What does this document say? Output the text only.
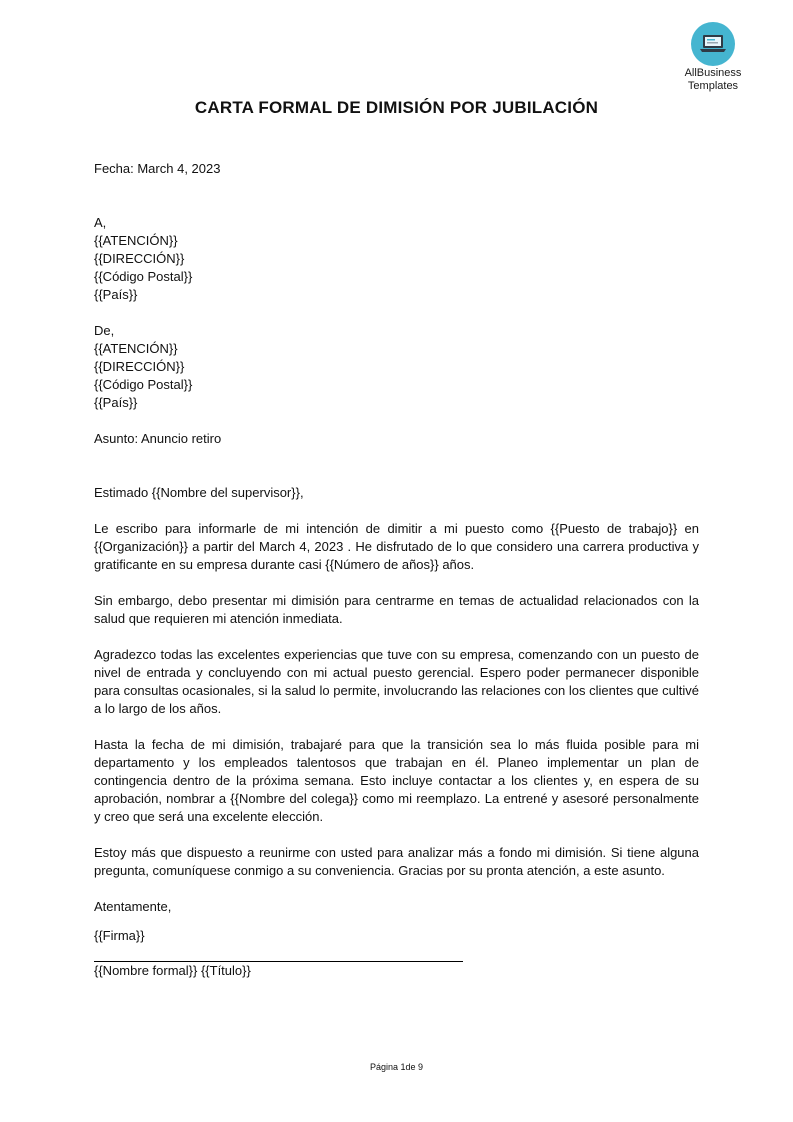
AllBusiness
Templates
CARTA FORMAL DE DIMISIÓN POR JUBILACIÓN
Fecha: March 4, 2023
A,
{{ATENCIÓN}}
{{DIRECCIÓN}}
{{Código Postal}}
{{País}}
De,
{{ATENCIÓN}}
{{DIRECCIÓN}}
{{Código Postal}}
{{País}}
Asunto: Anuncio retiro
Estimado {{Nombre del supervisor}},

Le escribo para informarle de mi intención de dimitir a mi puesto como {{Puesto de trabajo}} en {{Organización}} a partir del March 4, 2023 . He disfrutado de lo que considero una carrera productiva y gratificante en su empresa durante casi {{Número de años}} años.

Sin embargo, debo presentar mi dimisión para centrarme en temas de actualidad relacionados con la salud que requieren mi atención inmediata.

Agradezco todas las excelentes experiencias que tuve con su empresa, comenzando con un puesto de nivel de entrada y concluyendo con mi actual puesto gerencial. Espero poder permanecer disponible para consultas ocasionales, si la salud lo permite, involucrando las relaciones con los clientes que cultivé a lo largo de los años.

Hasta la fecha de mi dimisión, trabajaré para que la transición sea lo más fluida posible para mi departamento y los empleados talentosos que trabajan en él. Planeo implementar un plan de contingencia dentro de la próxima semana. Esto incluye contactar a los clientes y, en espera de su aprobación, nombrar a {{Nombre del colega}} como mi reemplazo. La entrené y asesoré personalmente y creo que será una excelente elección.

Estoy más que dispuesto a reunirme con usted para analizar más a fondo mi dimisión. Si tiene alguna pregunta, comuníquese conmigo a su conveniencia. Gracias por su pronta atención, a este asunto.

Atentamente,
{{Firma}}
{{Nombre formal}} {{Título}}
Página 1de 9
